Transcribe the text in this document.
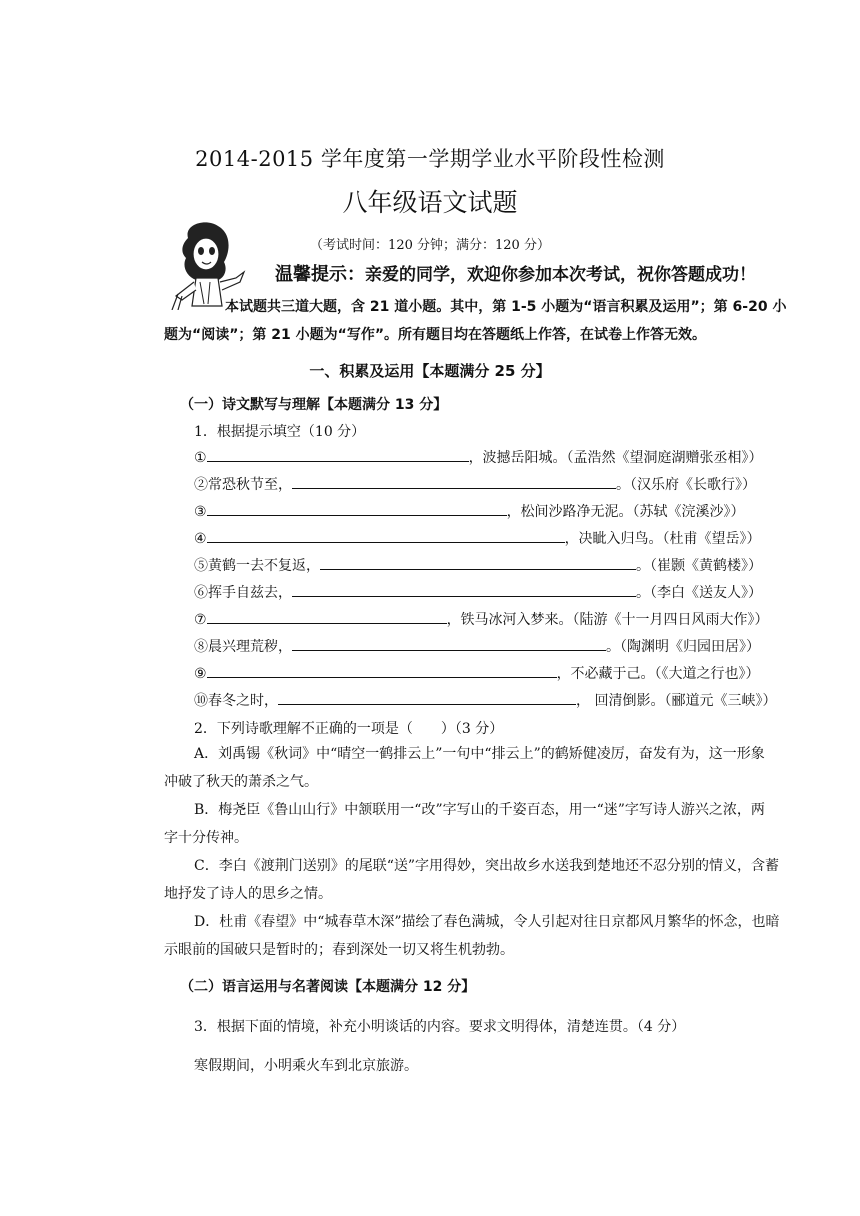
2014-2015 学年度第一学期学业水平阶段性检测
八年级语文试题
（考试时间：120 分钟；满分：120 分）
温馨提示：亲爱的同学，欢迎你参加本次考试，祝你答题成功！
本试题共三道大题，含 21 道小题。其中，第 1-5 小题为“语言积累及运用”；第 6-20 小
题为“阅读”；第 21 小题为“写作”。所有题目均在答题纸上作答，在试卷上作答无效。
一、积累及运用【本题满分 25 分】
（一）诗文默写与理解【本题满分 13 分】
1．根据提示填空（10 分）
①	，波撼岳阳城。（孟浩然《望洞庭湖赠张丞相》）
②常恐秋节至，	。（汉乐府《长歌行》）
③	，松间沙路净无泥。（苏轼《浣溪沙》）
④	，决眦入归鸟。（杜甫《望岳》）
⑤黄鹤一去不复返，	。（崔颢《黄鹤楼》）
⑥挥手自兹去，	。（李白《送友人》）
⑦	，铁马冰河入梦来。（陆游《十一月四日风雨大作》）
⑧晨兴理荒秽，	。（陶渊明《归园田居》）
⑨	，不必藏于己。（《大道之行也》）
⑩春冬之时，	， 回清倒影。（郦道元《三峡》）
2．下列诗歌理解不正确的一项是（　　）（3 分）
A．刘禹锡《秋词》中“晴空一鹤排云上”一句中“排云上”的鹤矫健凌厉，奋发有为，这一形象
冲破了秋天的萧杀之气。
B．梅尧臣《鲁山山行》中颔联用一“改”字写山的千姿百态，用一“迷”字写诗人游兴之浓，两
字十分传神。
C．李白《渡荆门送别》的尾联“送”字用得妙，突出故乡水送我到楚地还不忍分别的情义，含蓄
地抒发了诗人的思乡之情。
D．杜甫《春望》中“城春草木深”描绘了春色满城，令人引起对往日京都风月繁华的怀念，也暗
示眼前的国破只是暂时的；春到深处一切又将生机勃勃。
（二）语言运用与名著阅读【本题满分 12 分】
3．根据下面的情境，补充小明谈话的内容。要求文明得体，清楚连贯。（4 分）
寒假期间，小明乘火车到北京旅游。
